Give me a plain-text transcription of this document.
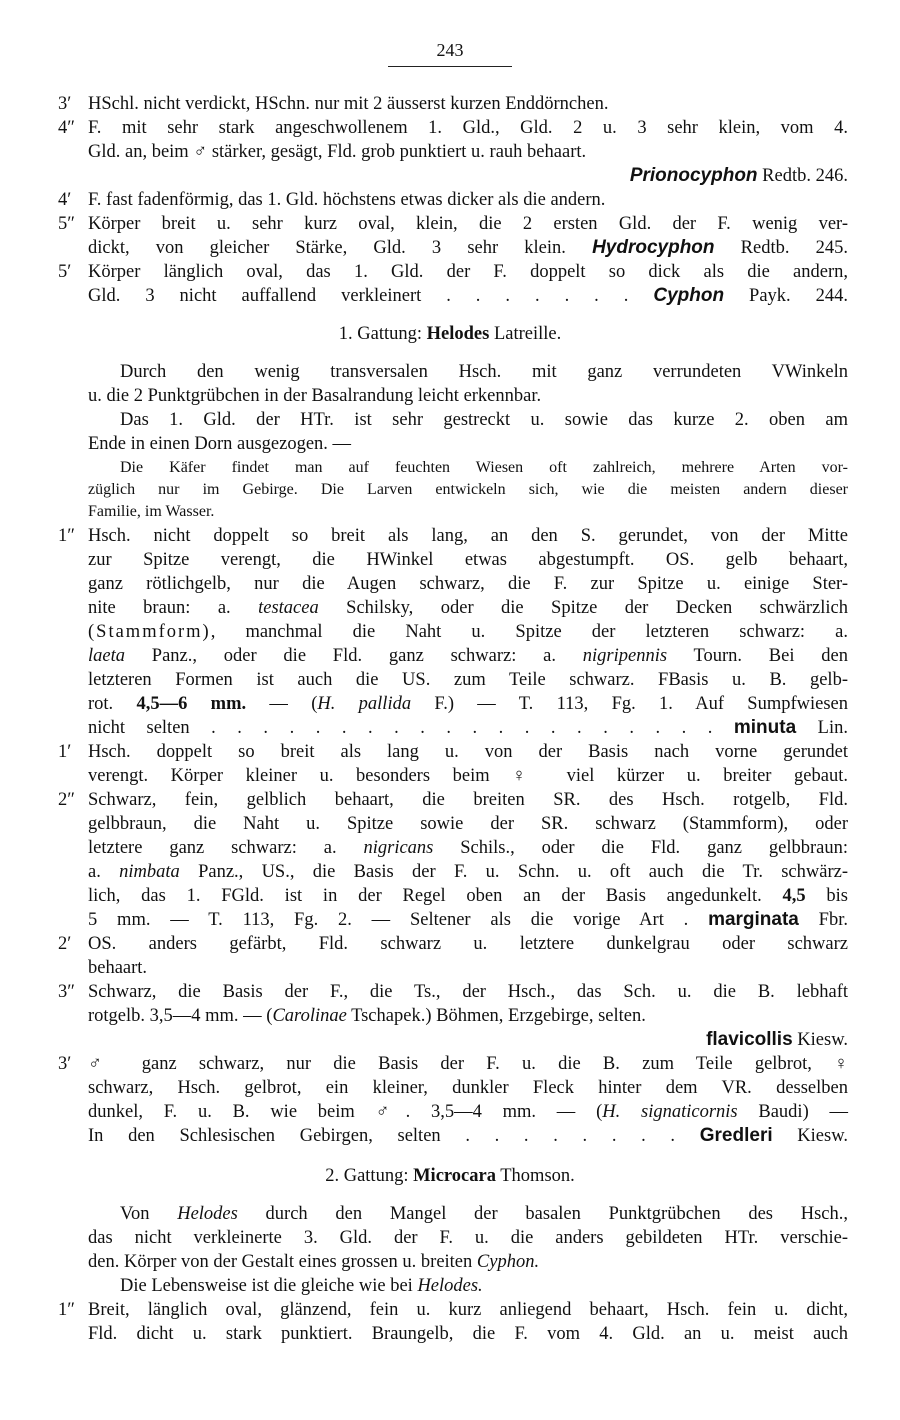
243
3′ HSchl. nicht verdickt, HSchn. nur mit 2 äusserst kurzen Enddörnchen.
4″ F. mit sehr stark angeschwollenem 1. Gld., Gld. 2 u. 3 sehr klein, vom 4.
Gld. an, beim ♂ stärker, gesägt, Fld. grob punktiert u. rauh behaart.
Prionocyphon Redtb. 246.
4′ F. fast fadenförmig, das 1. Gld. höchstens etwas dicker als die andern.
5″ Körper breit u. sehr kurz oval, klein, die 2 ersten Gld. der F. wenig ver-
dickt, von gleicher Stärke, Gld. 3 sehr klein. Hydrocyphon Redtb. 245.
5′ Körper länglich oval, das 1. Gld. der F. doppelt so dick als die andern,
Gld. 3 nicht auffallend verkleinert . . . . . . . Cyphon Payk. 244.
1. Gattung: Helodes Latreille.
Durch den wenig transversalen Hsch. mit ganz verrundeten VWinkeln
u. die 2 Punktgrübchen in der Basalrandung leicht erkennbar.
Das 1. Gld. der HTr. ist sehr gestreckt u. sowie das kurze 2. oben am
Ende in einen Dorn ausgezogen. —
Die Käfer findet man auf feuchten Wiesen oft zahlreich, mehrere Arten vor-
züglich nur im Gebirge. Die Larven entwickeln sich, wie die meisten andern dieser
Familie, im Wasser.
1″ Hsch. nicht doppelt so breit als lang, an den S. gerundet, von der Mitte
zur Spitze verengt, die HWinkel etwas abgestumpft. OS. gelb behaart,
ganz rötlichgelb, nur die Augen schwarz, die F. zur Spitze u. einige Ster-
nite braun: a. testacea Schilsky, oder die Spitze der Decken schwärzlich
(Stammform), manchmal die Naht u. Spitze der letzteren schwarz: a.
laeta Panz., oder die Fld. ganz schwarz: a. nigripennis Tourn. Bei den
letzteren Formen ist auch die US. zum Teile schwarz. FBasis u. B. gelb-
rot. 4,5—6 mm. — (H. pallida F.) — T. 113, Fg. 1. Auf Sumpfwiesen
nicht selten . . . . . . . . . . . . . . . . . . . . minuta Lin.
1′ Hsch. doppelt so breit als lang u. von der Basis nach vorne gerundet
verengt. Körper kleiner u. besonders beim ♀ viel kürzer u. breiter gebaut.
2″ Schwarz, fein, gelblich behaart, die breiten SR. des Hsch. rotgelb, Fld.
gelbbraun, die Naht u. Spitze sowie der SR. schwarz (Stammform), oder
letztere ganz schwarz: a. nigricans Schils., oder die Fld. ganz gelbbraun:
a. nimbata Panz., US., die Basis der F. u. Schn. u. oft auch die Tr. schwärz-
lich, das 1. FGld. ist in der Regel oben an der Basis angedunkelt. 4,5 bis
5 mm. — T. 113, Fg. 2. — Seltener als die vorige Art . marginata Fbr.
2′ OS. anders gefärbt, Fld. schwarz u. letztere dunkelgrau oder schwarz
behaart.
3″ Schwarz, die Basis der F., die Ts., der Hsch., das Sch. u. die B. lebhaft
rotgelb. 3,5—4 mm. — (Carolinae Tschapek.) Böhmen, Erzgebirge, selten.
flavicollis Kiesw.
3′ ♂ ganz schwarz, nur die Basis der F. u. die B. zum Teile gelbrot, ♀
schwarz, Hsch. gelbrot, ein kleiner, dunkler Fleck hinter dem VR. desselben
dunkel, F. u. B. wie beim ♂. 3,5—4 mm. — (H. signaticornis Baudi) —
In den Schlesischen Gebirgen, selten . . . . . . . . Gredleri Kiesw.
2. Gattung: Microcara Thomson.
Von Helodes durch den Mangel der basalen Punktgrübchen des Hsch.,
das nicht verkleinerte 3. Gld. der F. u. die anders gebildeten HTr. verschie-
den. Körper von der Gestalt eines grossen u. breiten Cyphon.
Die Lebensweise ist die gleiche wie bei Helodes.
1″ Breit, länglich oval, glänzend, fein u. kurz anliegend behaart, Hsch. fein u. dicht,
Fld. dicht u. stark punktiert. Braungelb, die F. vom 4. Gld. an u. meist auch
